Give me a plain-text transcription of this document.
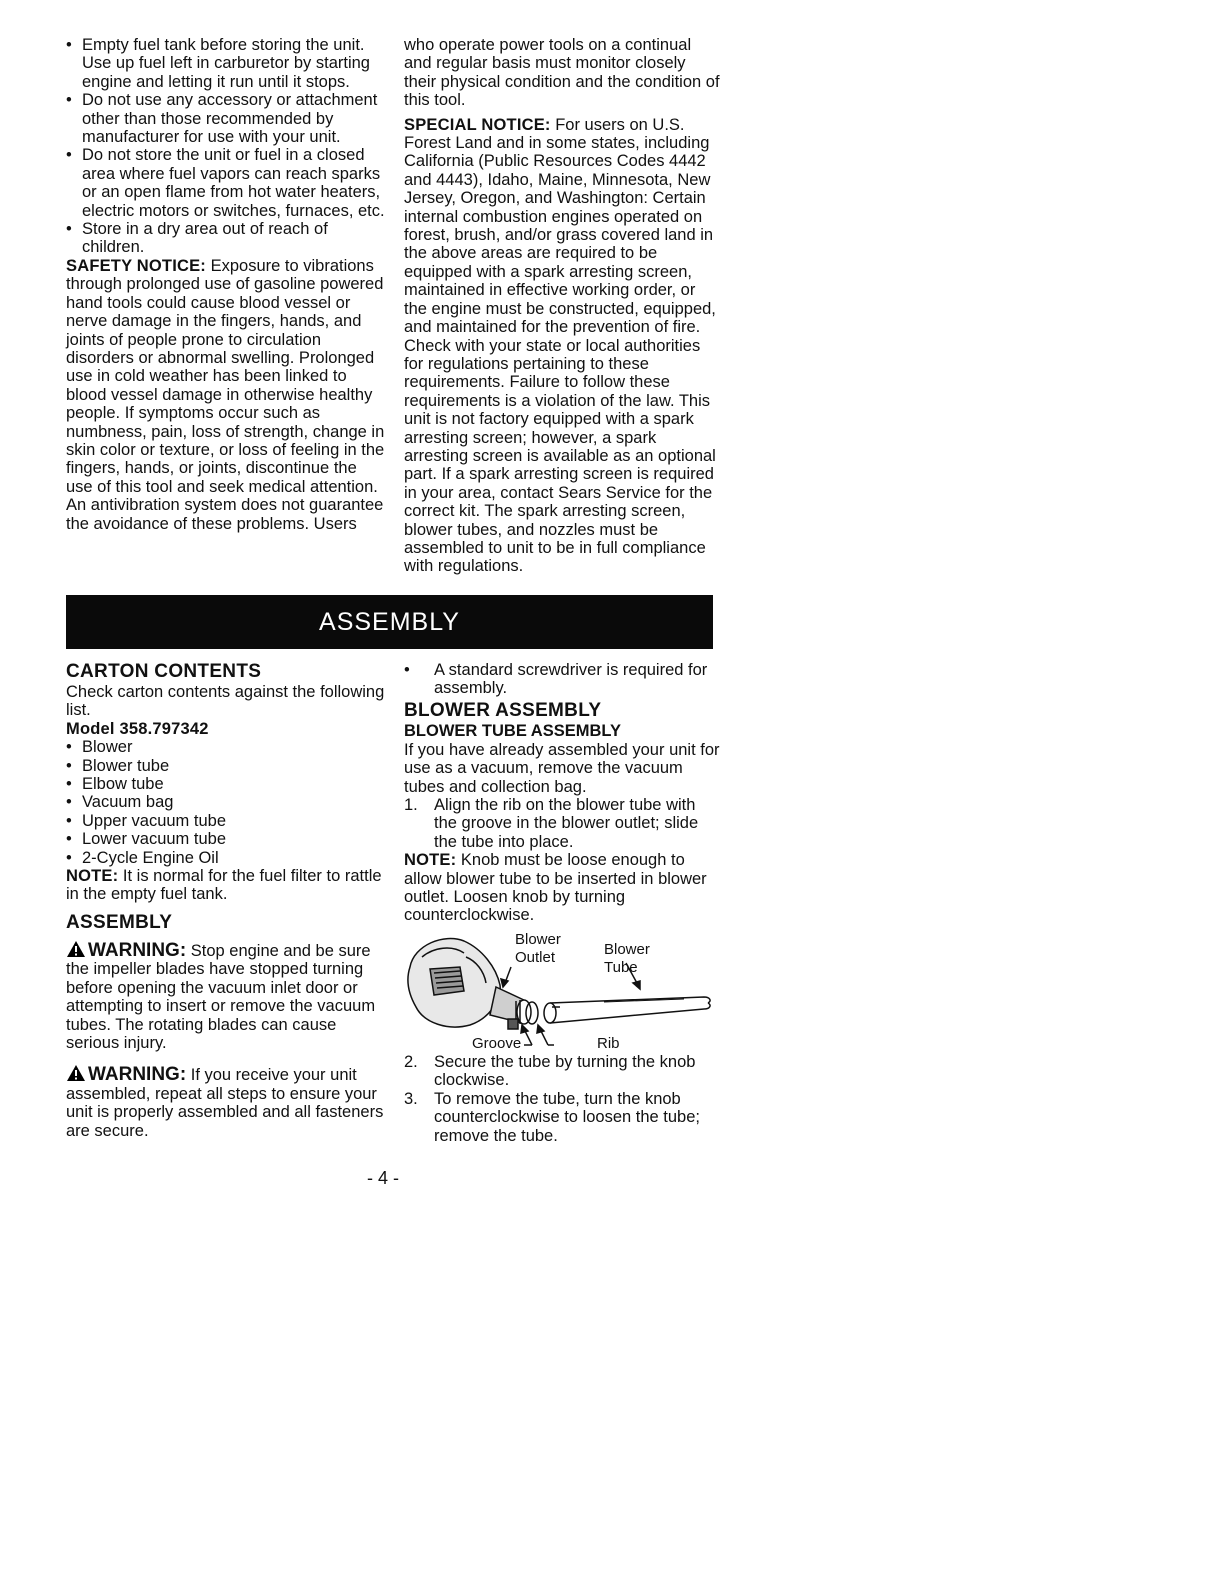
• Empty fuel tank before storing the unit. Use up fuel left in carburetor by starting engine and letting it run until it stops.
• Do not use any accessory or attachment other than those recommended by manufacturer for use with your unit.
• Do not store the unit or fuel in a closed area where fuel vapors can reach sparks or an open flame from hot water heaters, electric motors or switches, furnaces, etc.
• Store in a dry area out of reach of children.

SAFETY NOTICE: Exposure to vibrations through prolonged use of gasoline powered hand tools could cause blood vessel or nerve damage in the fingers, hands, and joints of people prone to circulation disorders or abnormal swelling. Prolonged use in cold weather has been linked to blood vessel damage in otherwise healthy people. If symptoms occur such as numbness, pain, loss of strength, change in skin color or texture, or loss of feeling in the fingers, hands, or joints, discontinue the use of this tool and seek medical attention. An antivibration system does not guarantee the avoidance of these problems. Users

who operate power tools on a continual and regular basis must monitor closely their physical condition and the condition of this tool.

SPECIAL NOTICE: For users on U.S. Forest Land and in some states, including California (Public Resources Codes 4442 and 4443), Idaho, Maine, Minnesota, New Jersey, Oregon, and Washington: Certain internal combustion engines operated on forest, brush, and/or grass covered land in the above areas are required to be equipped with a spark arresting screen, maintained in effective working order, or the engine must be constructed, equipped, and maintained for the prevention of fire. Check with your state or local authorities for regulations pertaining to these requirements. Failure to follow these requirements is a violation of the law. This unit is not factory equipped with a spark arresting screen; however, a spark arresting screen is available as an optional part. If a spark arresting screen is required in your area, contact Sears Service for the correct kit. The spark arresting screen, blower tubes, and nozzles must be assembled to unit to be in full compliance with regulations.

ASSEMBLY
CARTON CONTENTS

Check carton contents against the following list.

Model 358.797342

• Blower
• Blower tube
• Elbow tube
• Vacuum bag
• Upper vacuum tube
• Lower vacuum tube
• 2-Cycle Engine Oil

NOTE: It is normal for the fuel filter to rattle in the empty fuel tank.

ASSEMBLY

WARNING: Stop engine and be sure the impeller blades have stopped turning before opening the vacuum inlet door or attempting to insert or remove the vacuum tubes. The rotating blades can cause serious injury.

WARNING: If you receive your unit assembled, repeat all steps to ensure your unit is properly assembled and all fasteners are secure.

• A standard screwdriver is required for assembly.
BLOWER ASSEMBLY
BLOWER TUBE ASSEMBLY

If you have already assembled your unit for use as a vacuum, remove the vacuum tubes and collection bag.

1. Align the rib on the blower tube with the groove in the blower outlet; slide the tube into place.

NOTE: Knob must be loose enough to allow blower tube to be inserted in blower outlet. Loosen knob by turning counterclockwise.

Blower
Outlet	Blower
Tube
Groove	Rib
2. Secure the tube by turning the knob clockwise.
3. To remove the tube, turn the knob counterclockwise to loosen the tube; remove the tube.
- 4 -
